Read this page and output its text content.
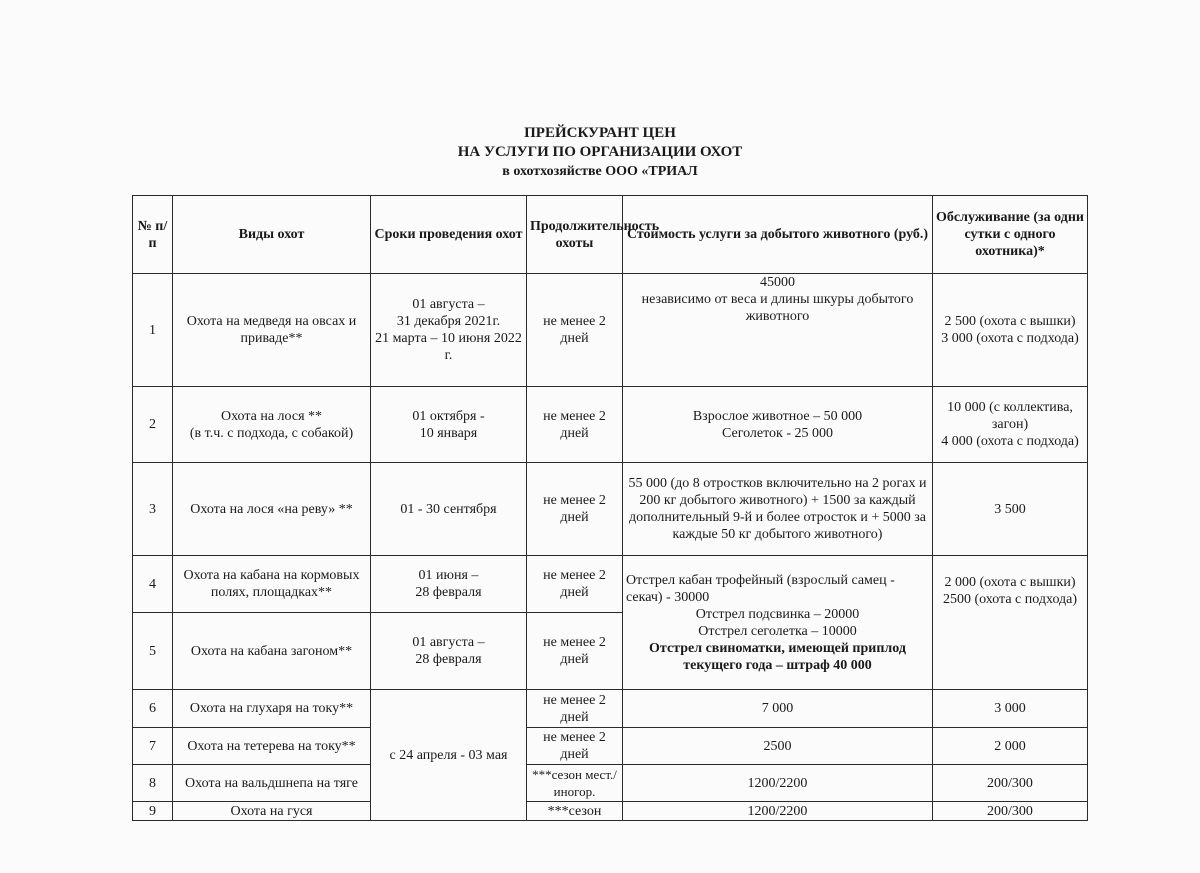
ПРЕЙСКУРАНТ ЦЕН
НА УСЛУГИ ПО ОРГАНИЗАЦИИ ОХОТ
в охотхозяйстве ООО «ТРИАЛ
№ п/п	Виды охот	Сроки проведения охот	Продолжительность охоты	Стоимость услуги за добытого животного (руб.)	Обслуживание (за одни сутки с одного охотника)*
1	Охота на медведя на овсах и приваде**	01 августа –
31 декабря 2021г.
21 марта – 10 июня 2022 г.	не менее 2 дней	45000
независимо от веса и длины шкуры добытого животного	2 500 (охота с вышки)
3 000 (охота с подхода)

2	Охота на лося **
(в т.ч. с подхода, с собакой)	01 октября -
10 января	не менее 2 дней	Взрослое животное – 50 000
Сеголеток - 25 000	10 000 (с коллектива, загон)
4 000 (охота с подхода)

3	Охота на лося «на реву» **	01 - 30 сентября	не менее 2 дней	55 000 (до 8 отростков включительно на 2 рогах и 200 кг добытого животного) + 1500 за каждый дополнительный 9-й и более отросток и + 5000 за каждые 50 кг добытого животного)	3 500
4	Охота на кабана на кормовых полях, площадках**	01 июня –
28 февраля	не менее 2 дней	Отстрел кабан трофейный (взрослый самец - секач) - 30000
Отстрел подсвинка – 20000
Отстрел сеголетка – 10000
Отстрел свиноматки, имеющей приплод текущего года – штраф 40 000	2 000 (охота с вышки)
2500 (охота с подхода)

5	Охота на кабана загоном**	01 августа –
28 февраля	не менее 2 дней		
6	Охота на глухаря на току**	с 24 апреля - 03 мая	не менее 2 дней	7 000	3 000
7	Охота на тетерева на току**		не менее 2 дней	2500	2 000
8	Охота на вальдшнепа на тяге		***сезон мест./иногор.	1200/2200	200/300
9	Охота на гуся		***сезон	1200/2200	200/300
